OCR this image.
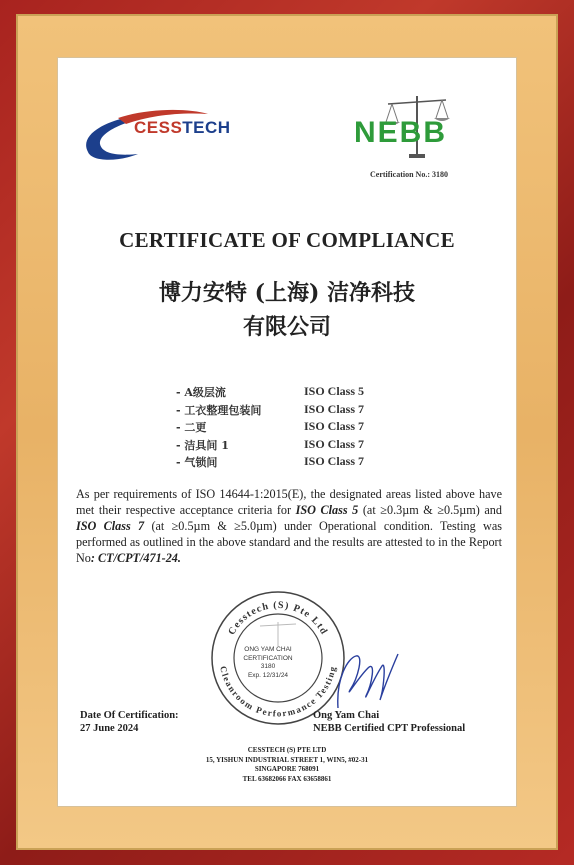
CESSTECH	NEBB
Certification No.: 3180
CERTIFICATE OF COMPLIANCE
博力安特 (上海) 洁净科技
有限公司
- A级层流	ISO Class 5
- 工衣整理包装间	ISO Class 7
- 二更	ISO Class 7
- 洁具间 1	ISO Class 7
- 气锁间	ISO Class 7
As per requirements of ISO 14644-1:2015(E), the designated areas listed above have met their respective acceptance criteria for ISO Class 5 (at ≥0.3µm & ≥0.5µm) and ISO Class 7 (at ≥0.5µm & ≥5.0µm) under Operational condition. Testing was performed as outlined in the above standard and the results are attested to in the Report No: CT/CPT/471-24.
Cesstech (S) Pte Ltd
Cleanroom Performance Testing
ONG YAM CHAI
CERTIFICATION
3180
Exp. 12/31/24
Date Of Certification:
27 June 2024
Ong Yam Chai
NEBB Certified CPT Professional
CESSTECH (S) PTE LTD
15, YISHUN INDUSTRIAL STREET 1, WIN5, #02-31
SINGAPORE 768091
TEL 63682066 FAX 63658861
